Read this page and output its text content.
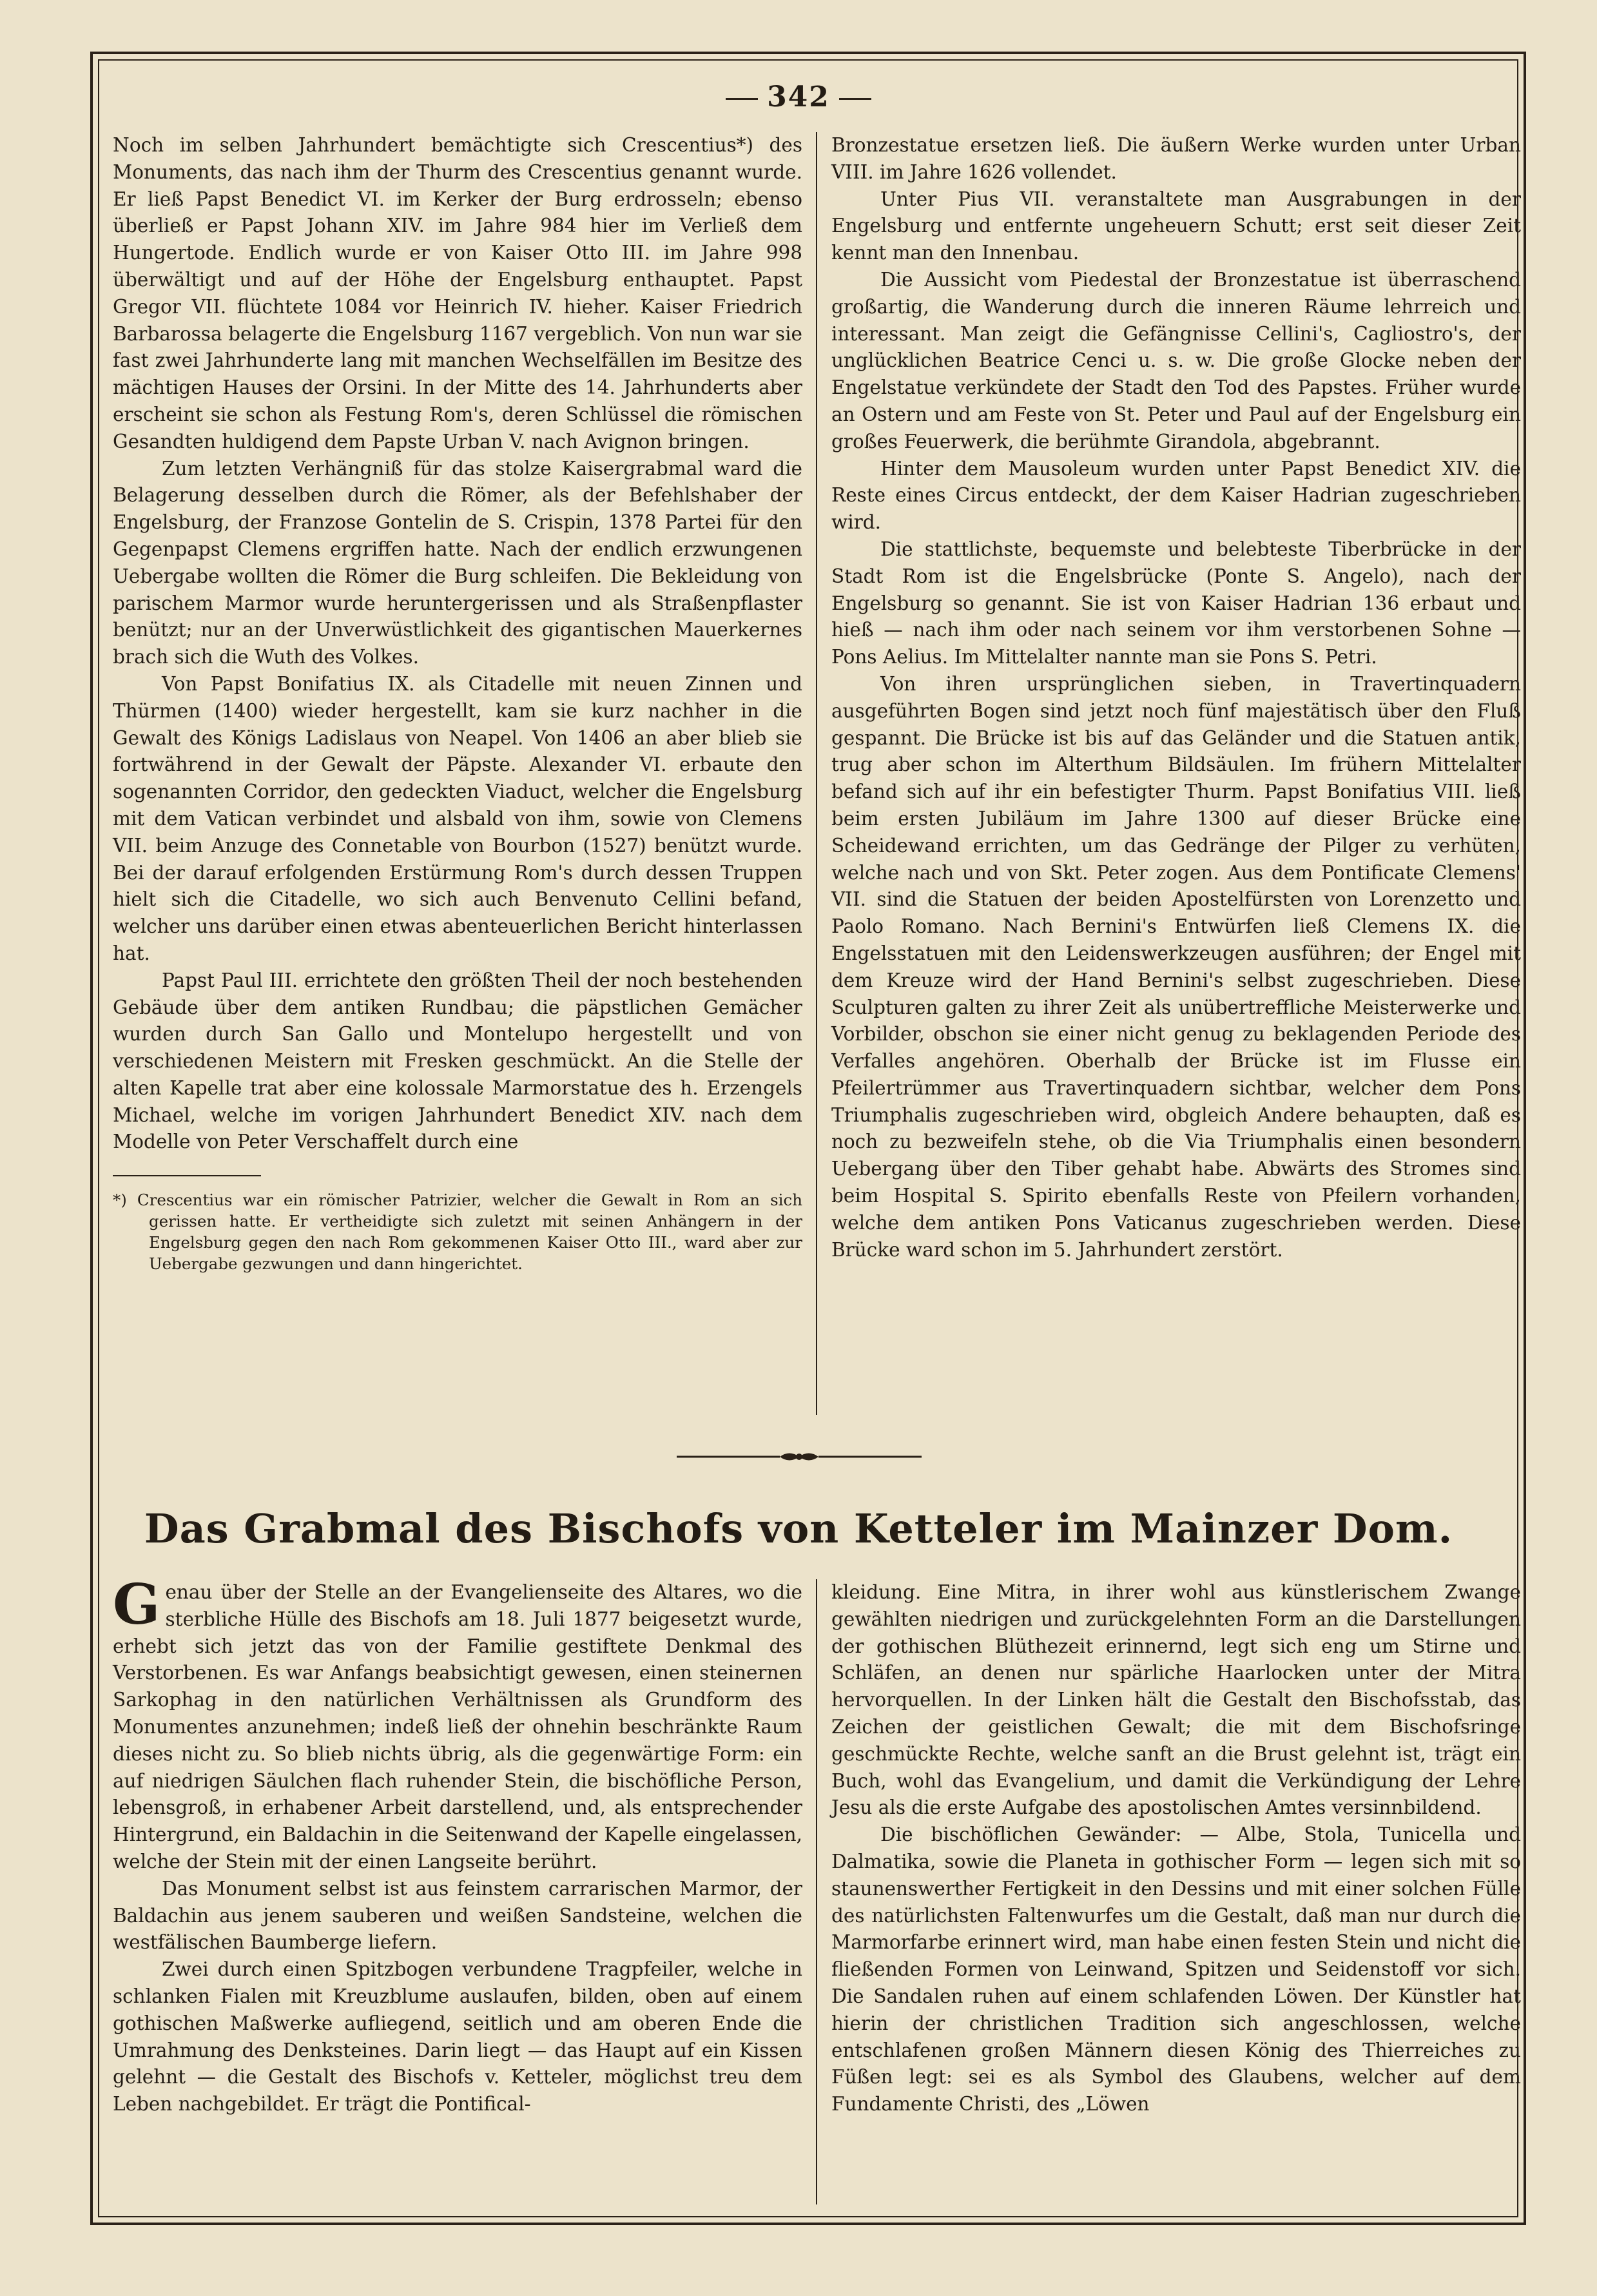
342

Noch im selben Jahrhundert bemächtigte sich Crescentius*) des Monuments, das nach ihm der Thurm des Crescentius genannt wurde. Er ließ Papst Benedict VI. im Kerker der Burg erdrosseln; ebenso überließ er Papst Johann XIV. im Jahre 984 hier im Verließ dem Hungertode. Endlich wurde er von Kaiser Otto III. im Jahre 998 überwältigt und auf der Höhe der Engelsburg enthauptet. Papst Gregor VII. flüchtete 1084 vor Heinrich IV. hieher. Kaiser Friedrich Barbarossa belagerte die Engelsburg 1167 vergeblich. Von nun war sie fast zwei Jahrhunderte lang mit manchen Wechselfällen im Besitze des mächtigen Hauses der Orsini. In der Mitte des 14. Jahrhunderts aber erscheint sie schon als Festung Rom's, deren Schlüssel die römischen Gesandten huldigend dem Papste Urban V. nach Avignon bringen.

Zum letzten Verhängniß für das stolze Kaisergrabmal ward die Belagerung desselben durch die Römer, als der Befehlshaber der Engelsburg, der Franzose Gontelin de S. Crispin, 1378 Partei für den Gegenpapst Clemens ergriffen hatte. Nach der endlich erzwungenen Uebergabe wollten die Römer die Burg schleifen. Die Bekleidung von parischem Marmor wurde heruntergerissen und als Straßenpflaster benützt; nur an der Unverwüstlichkeit des gigantischen Mauerkernes brach sich die Wuth des Volkes.

Von Papst Bonifatius IX. als Citadelle mit neuen Zinnen und Thürmen (1400) wieder hergestellt, kam sie kurz nachher in die Gewalt des Königs Ladislaus von Neapel. Von 1406 an aber blieb sie fortwährend in der Gewalt der Päpste. Alexander VI. erbaute den sogenannten Corridor, den gedeckten Viaduct, welcher die Engelsburg mit dem Vatican verbindet und alsbald von ihm, sowie von Clemens VII. beim Anzuge des Connetable von Bourbon (1527) benützt wurde. Bei der darauf erfolgenden Erstürmung Rom's durch dessen Truppen hielt sich die Citadelle, wo sich auch Benvenuto Cellini befand, welcher uns darüber einen etwas abenteuerlichen Bericht hinterlassen hat.

Papst Paul III. errichtete den größten Theil der noch bestehenden Gebäude über dem antiken Rundbau; die päpstlichen Gemächer wurden durch San Gallo und Montelupo hergestellt und von verschiedenen Meistern mit Fresken geschmückt. An die Stelle der alten Kapelle trat aber eine kolossale Marmorstatue des h. Erzengels Michael, welche im vorigen Jahrhundert Benedict XIV. nach dem Modelle von Peter Verschaffelt durch eine

*) Crescentius war ein römischer Patrizier, welcher die Gewalt in Rom an sich gerissen hatte. Er vertheidigte sich zuletzt mit seinen Anhängern in der Engelsburg gegen den nach Rom gekommenen Kaiser Otto III., ward aber zur Uebergabe gezwungen und dann hingerichtet.

Bronzestatue ersetzen ließ. Die äußern Werke wurden unter Urban VIII. im Jahre 1626 vollendet.

Unter Pius VII. veranstaltete man Ausgrabungen in der Engelsburg und entfernte ungeheuern Schutt; erst seit dieser Zeit kennt man den Innenbau.

Die Aussicht vom Piedestal der Bronzestatue ist überraschend großartig, die Wanderung durch die inneren Räume lehrreich und interessant. Man zeigt die Gefängnisse Cellini's, Cagliostro's, der unglücklichen Beatrice Cenci u. s. w. Die große Glocke neben der Engelstatue verkündete der Stadt den Tod des Papstes. Früher wurde an Ostern und am Feste von St. Peter und Paul auf der Engelsburg ein großes Feuerwerk, die berühmte Girandola, abgebrannt.

Hinter dem Mausoleum wurden unter Papst Benedict XIV. die Reste eines Circus entdeckt, der dem Kaiser Hadrian zugeschrieben wird.

Die stattlichste, bequemste und belebteste Tiberbrücke in der Stadt Rom ist die Engelsbrücke (Ponte S. Angelo), nach der Engelsburg so genannt. Sie ist von Kaiser Hadrian 136 erbaut und hieß — nach ihm oder nach seinem vor ihm verstorbenen Sohne — Pons Aelius. Im Mittelalter nannte man sie Pons S. Petri.

Von ihren ursprünglichen sieben, in Travertinquadern ausgeführten Bogen sind jetzt noch fünf majestätisch über den Fluß gespannt. Die Brücke ist bis auf das Geländer und die Statuen antik, trug aber schon im Alterthum Bildsäulen. Im frühern Mittelalter befand sich auf ihr ein befestigter Thurm. Papst Bonifatius VIII. ließ beim ersten Jubiläum im Jahre 1300 auf dieser Brücke eine Scheidewand errichten, um das Gedränge der Pilger zu verhüten, welche nach und von Skt. Peter zogen. Aus dem Pontificate Clemens' VII. sind die Statuen der beiden Apostelfürsten von Lorenzetto und Paolo Romano. Nach Bernini's Entwürfen ließ Clemens IX. die Engelsstatuen mit den Leidenswerkzeugen ausführen; der Engel mit dem Kreuze wird der Hand Bernini's selbst zugeschrieben. Diese Sculpturen galten zu ihrer Zeit als unübertreffliche Meisterwerke und Vorbilder, obschon sie einer nicht genug zu beklagenden Periode des Verfalles angehören. Oberhalb der Brücke ist im Flusse ein Pfeilertrümmer aus Travertinquadern sichtbar, welcher dem Pons Triumphalis zugeschrieben wird, obgleich Andere behaupten, daß es noch zu bezweifeln stehe, ob die Via Triumphalis einen besondern Uebergang über den Tiber gehabt habe. Abwärts des Stromes sind beim Hospital S. Spirito ebenfalls Reste von Pfeilern vorhanden, welche dem antiken Pons Vaticanus zugeschrieben werden. Diese Brücke ward schon im 5. Jahrhundert zerstört.

Das Grabmal des Bischofs von Ketteler im Mainzer Dom.

Genau über der Stelle an der Evangelienseite des Altares, wo die sterbliche Hülle des Bischofs am 18. Juli 1877 beigesetzt wurde, erhebt sich jetzt das von der Familie gestiftete Denkmal des Verstorbenen. Es war Anfangs beabsichtigt gewesen, einen steinernen Sarkophag in den natürlichen Verhältnissen als Grundform des Monumentes anzunehmen; indeß ließ der ohnehin beschränkte Raum dieses nicht zu. So blieb nichts übrig, als die gegenwärtige Form: ein auf niedrigen Säulchen flach ruhender Stein, die bischöfliche Person, lebensgroß, in erhabener Arbeit darstellend, und, als entsprechender Hintergrund, ein Baldachin in die Seitenwand der Kapelle eingelassen, welche der Stein mit der einen Langseite berührt.

Das Monument selbst ist aus feinstem carrarischen Marmor, der Baldachin aus jenem sauberen und weißen Sandsteine, welchen die westfälischen Baumberge liefern.

Zwei durch einen Spitzbogen verbundene Tragpfeiler, welche in schlanken Fialen mit Kreuzblume auslaufen, bilden, oben auf einem gothischen Maßwerke aufliegend, seitlich und am oberen Ende die Umrahmung des Denksteines. Darin liegt — das Haupt auf ein Kissen gelehnt — die Gestalt des Bischofs v. Ketteler, möglichst treu dem Leben nachgebildet. Er trägt die Pontifical-

kleidung. Eine Mitra, in ihrer wohl aus künstlerischem Zwange gewählten niedrigen und zurückgelehnten Form an die Darstellungen der gothischen Blüthezeit erinnernd, legt sich eng um Stirne und Schläfen, an denen nur spärliche Haarlocken unter der Mitra hervorquellen. In der Linken hält die Gestalt den Bischofsstab, das Zeichen der geistlichen Gewalt; die mit dem Bischofsringe geschmückte Rechte, welche sanft an die Brust gelehnt ist, trägt ein Buch, wohl das Evangelium, und damit die Verkündigung der Lehre Jesu als die erste Aufgabe des apostolischen Amtes versinnbildend.

Die bischöflichen Gewänder: — Albe, Stola, Tunicella und Dalmatika, sowie die Planeta in gothischer Form — legen sich mit so staunenswerther Fertigkeit in den Dessins und mit einer solchen Fülle des natürlichsten Faltenwurfes um die Gestalt, daß man nur durch die Marmorfarbe erinnert wird, man habe einen festen Stein und nicht die fließenden Formen von Leinwand, Spitzen und Seidenstoff vor sich. Die Sandalen ruhen auf einem schlafenden Löwen. Der Künstler hat hierin der christlichen Tradition sich angeschlossen, welche entschlafenen großen Männern diesen König des Thierreiches zu Füßen legt: sei es als Symbol des Glaubens, welcher auf dem Fundamente Christi, des „Löwen
